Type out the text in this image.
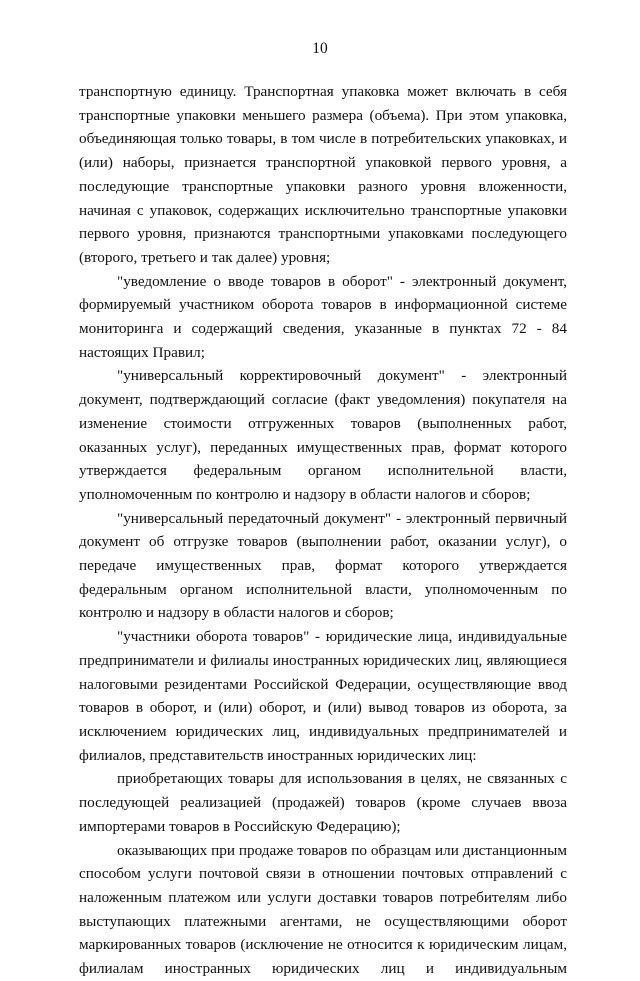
10

транспортную единицу. Транспортная упаковка может включать в себя транспортные упаковки меньшего размера (объема). При этом упаковка, объединяющая только товары, в том числе в потребительских упаковках, и (или) наборы, признается транспортной упаковкой первого уровня, а последующие транспортные упаковки разного уровня вложенности, начиная с упаковок, содержащих исключительно транспортные упаковки первого уровня, признаются транспортными упаковками последующего (второго, третьего и так далее) уровня;

"уведомление о вводе товаров в оборот" - электронный документ, формируемый участником оборота товаров в информационной системе мониторинга и содержащий сведения, указанные в пунктах 72 - 84 настоящих Правил;

"универсальный корректировочный документ" - электронный документ, подтверждающий согласие (факт уведомления) покупателя на изменение стоимости отгруженных товаров (выполненных работ, оказанных услуг), переданных имущественных прав, формат которого утверждается федеральным органом исполнительной власти, уполномоченным по контролю и надзору в области налогов и сборов;

"универсальный передаточный документ" - электронный первичный документ об отгрузке товаров (выполнении работ, оказании услуг), о передаче имущественных прав, формат которого утверждается федеральным органом исполнительной власти, уполномоченным по контролю и надзору в области налогов и сборов;

"участники оборота товаров" - юридические лица, индивидуальные предприниматели и филиалы иностранных юридических лиц, являющиеся налоговыми резидентами Российской Федерации, осуществляющие ввод товаров в оборот, и (или) оборот, и (или) вывод товаров из оборота, за исключением юридических лиц, индивидуальных предпринимателей и филиалов, представительств иностранных юридических лиц:

приобретающих товары для использования в целях, не связанных с последующей реализацией (продажей) товаров (кроме случаев ввоза импортерами товаров в Российскую Федерацию);

оказывающих при продаже товаров по образцам или дистанционным способом услуги почтовой связи в отношении почтовых отправлений с наложенным платежом или услуги доставки товаров потребителям либо выступающих платежными агентами, не осуществляющими оборот маркированных товаров (исключение не относится к юридическим лицам, филиалам иностранных юридических лиц и индивидуальным
